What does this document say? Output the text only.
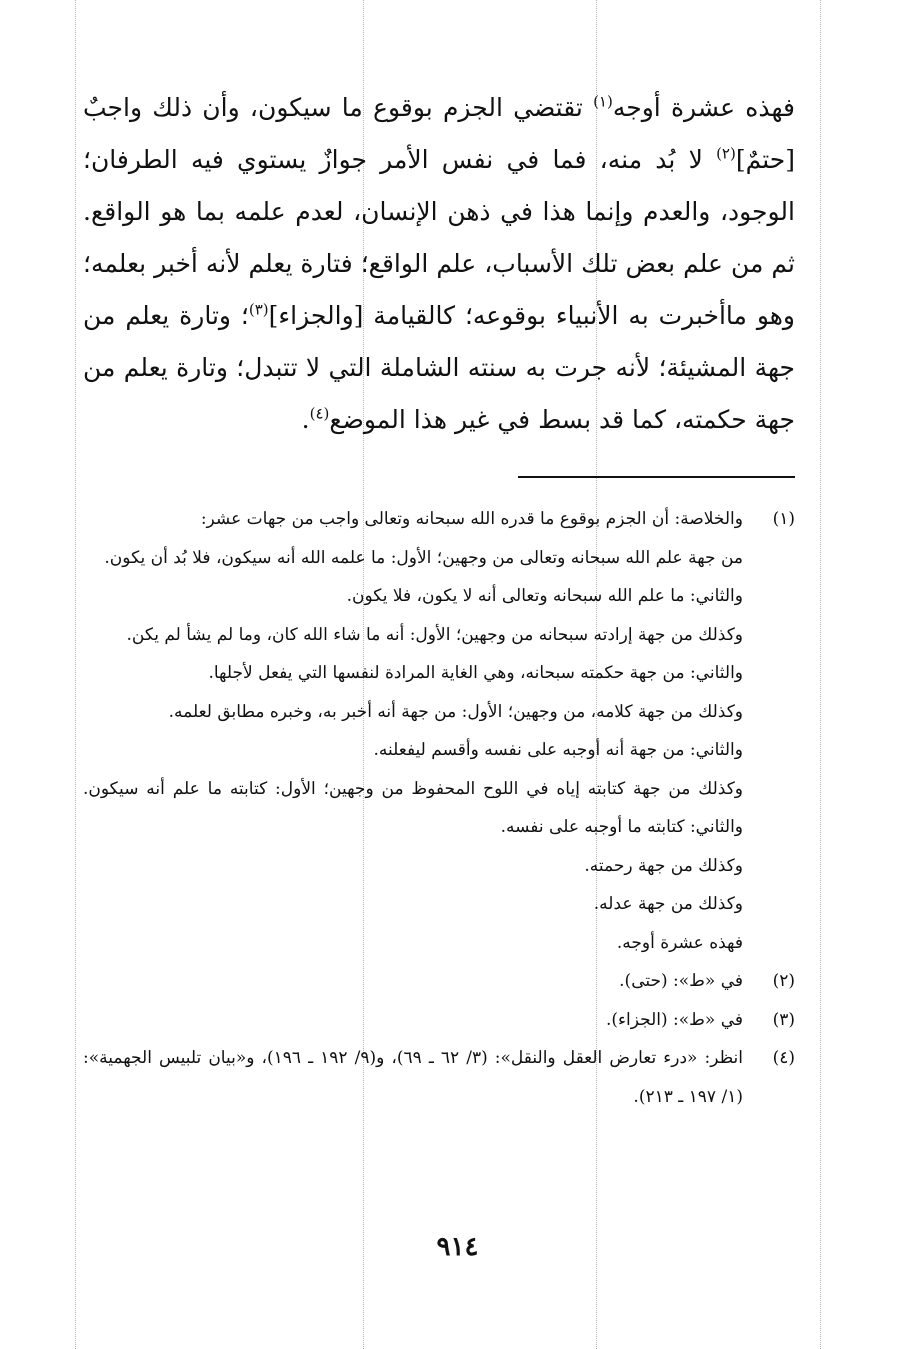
فهذه عشرة أوجه$^{(١)}$ تقتضي الجزم بوقوع ما سيكون، وأن ذلك واجبٌ [حتمٌ]$^{(٢)}$ لا بُد منه، فما في نفس الأمر جوازٌ يستوي فيه الطرفان؛ الوجود، والعدم وإنما هذا في ذهن الإنسان، لعدم علمه بما هو الواقع. ثم من علم بعض تلك الأسباب، علم الواقع؛ فتارة يعلم لأنه أخبر بعلمه؛ وهو ماأخبرت به الأنبياء بوقوعه؛ كالقيامة [والجزاء]$^{(٣)}$؛ وتارة يعلم من جهة المشيئة؛ لأنه جرت به سنته الشاملة التي لا تتبدل؛ وتارة يعلم من جهة حكمته، كما قد بسط في غير هذا الموضع$^{(٤)}$.

(١)

والخلاصة: أن الجزم بوقوع ما قدره الله سبحانه وتعالى واجب من جهات عشر:

من جهة علم الله سبحانه وتعالى من وجهين؛ الأول: ما علمه الله أنه سيكون، فلا بُد أن يكون.

والثاني: ما علم الله سبحانه وتعالى أنه لا يكون، فلا يكون.

وكذلك من جهة إرادته سبحانه من وجهين؛ الأول: أنه ما شاء الله كان، وما لم يشأ لم يكن.

والثاني: من جهة حكمته سبحانه، وهي الغاية المرادة لنفسها التي يفعل لأجلها.

وكذلك من جهة كلامه، من وجهين؛ الأول: من جهة أنه أخبر به، وخبره مطابق لعلمه.

والثاني: من جهة أنه أوجبه على نفسه وأقسم ليفعلنه.

وكذلك من جهة كتابته إياه في اللوح المحفوظ من وجهين؛ الأول: كتابته ما علم أنه سيكون. والثاني: كتابته ما أوجبه على نفسه.

وكذلك من جهة رحمته.

وكذلك من جهة عدله.

فهذه عشرة أوجه.

(٢)

في «ط»: (حتى).

(٣)

في «ط»: (الجزاء).

(٤)

انظر: «درء تعارض العقل والنقل»: (٣/ ٦٢ ـ ٦٩)، و(٩/ ١٩٢ ـ ١٩٦)، و«بيان تلبيس الجهمية»: (١/ ١٩٧ ـ ٢١٣).

٩١٤
